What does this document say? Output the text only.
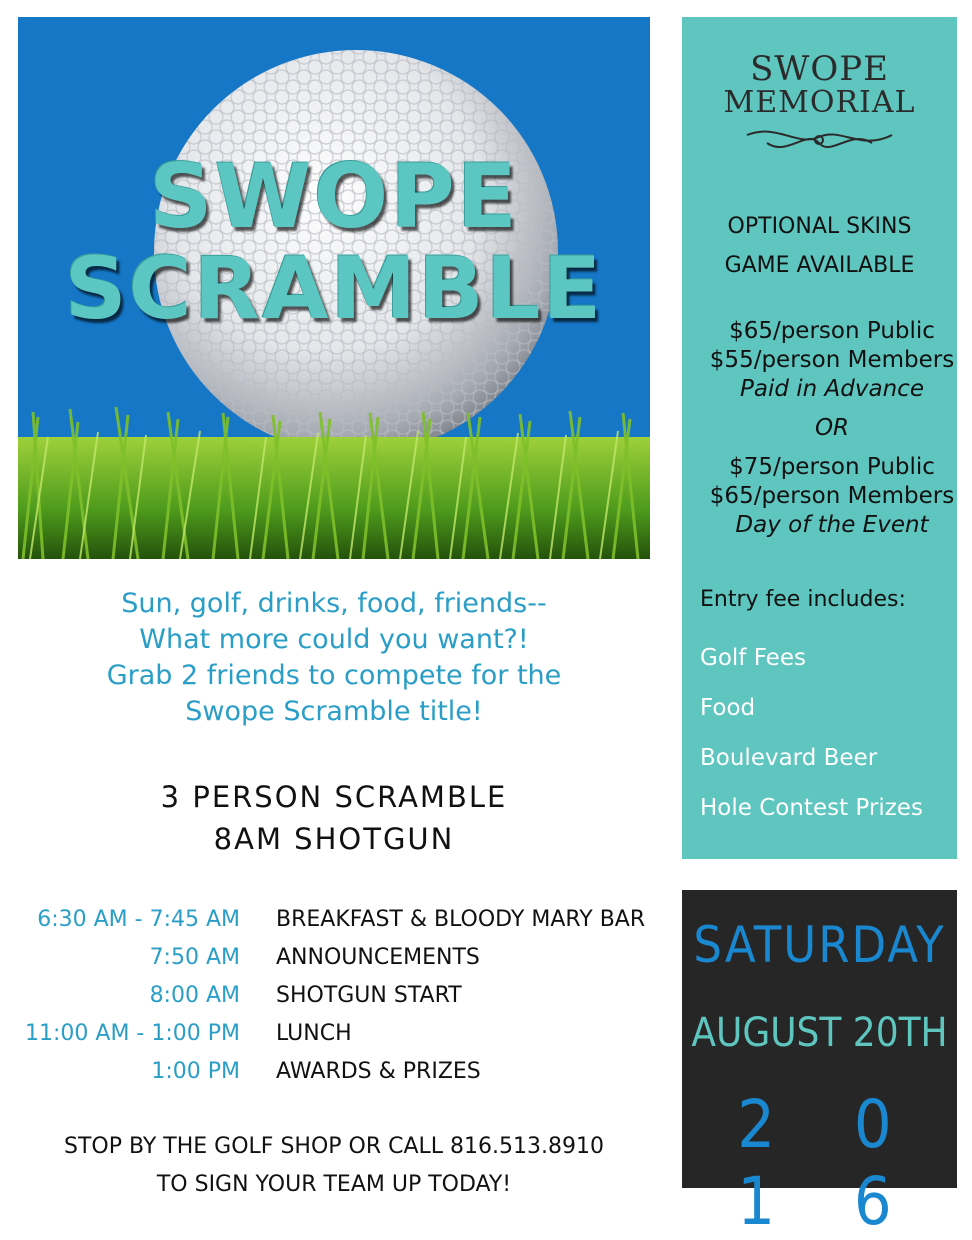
SWOPE
SCRAMBLE
Sun, golf, drinks, food, friends--
What more could you want?!
Grab 2 friends to compete for the
Swope Scramble title!
3 PERSON SCRAMBLE
8AM SHOTGUN
6:30 AM - 7:45 AM	BREAKFAST & BLOODY MARY BAR
7:50 AM	ANNOUNCEMENTS
8:00 AM	SHOTGUN START
11:00 AM - 1:00 PM	LUNCH
1:00 PM	AWARDS & PRIZES
STOP BY THE GOLF SHOP OR CALL 816.513.8910
TO SIGN YOUR TEAM UP TODAY!
SWOPE
MEMORIAL
OPTIONAL SKINS
GAME AVAILABLE
$65/person Public
$55/person Members
Paid in Advance
OR
$75/person Public
$65/person Members
Day of the Event
Entry fee includes:
Golf Fees
Food
Boulevard Beer
Hole Contest Prizes
SATURDAY
AUGUST 20TH
2 0 1 6
